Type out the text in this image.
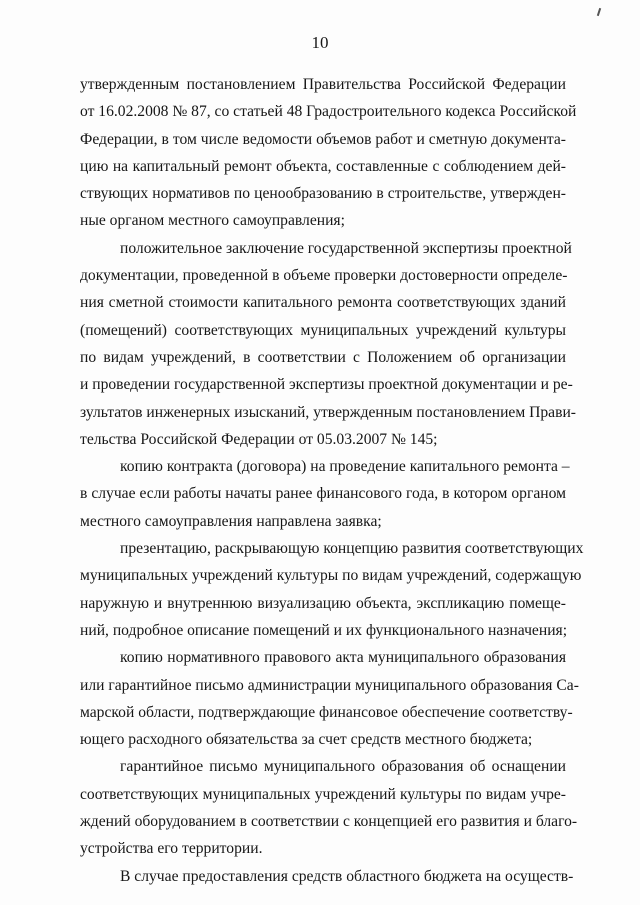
10
утвержденным постановлением Правительства Российской Федерации
от 16.02.2008 № 87, со статьей 48 Градостроительного кодекса Российской
Федерации, в том числе ведомости объемов работ и сметную документа-
цию на капитальный ремонт объекта, составленные с соблюдением дей-
ствующих нормативов по ценообразованию в строительстве, утвержден-
ные органом местного самоуправления;
положительное заключение государственной экспертизы проектной
документации, проведенной в объеме проверки достоверности определе-
ния сметной стоимости капитального ремонта соответствующих зданий
(помещений) соответствующих муниципальных учреждений культуры
по видам учреждений, в соответствии с Положением об организации
и проведении государственной экспертизы проектной документации и ре-
зультатов инженерных изысканий, утвержденным постановлением Прави-
тельства Российской Федерации от 05.03.2007 № 145;
копию контракта (договора) на проведение капитального ремонта –
в случае если работы начаты ранее финансового года, в котором органом
местного самоуправления направлена заявка;
презентацию, раскрывающую концепцию развития соответствующих
муниципальных учреждений культуры по видам учреждений, содержащую
наружную и внутреннюю визуализацию объекта, экспликацию помеще-
ний, подробное описание помещений и их функционального назначения;
копию нормативного правового акта муниципального образования
или гарантийное письмо администрации муниципального образования Са-
марской области, подтверждающие финансовое обеспечение соответству-
ющего расходного обязательства за счет средств местного бюджета;
гарантийное письмо муниципального образования об оснащении
соответствующих муниципальных учреждений культуры по видам учре-
ждений оборудованием в соответствии с концепцией его развития и благо-
устройства его территории.
В случае предоставления средств областного бюджета на осуществ-
